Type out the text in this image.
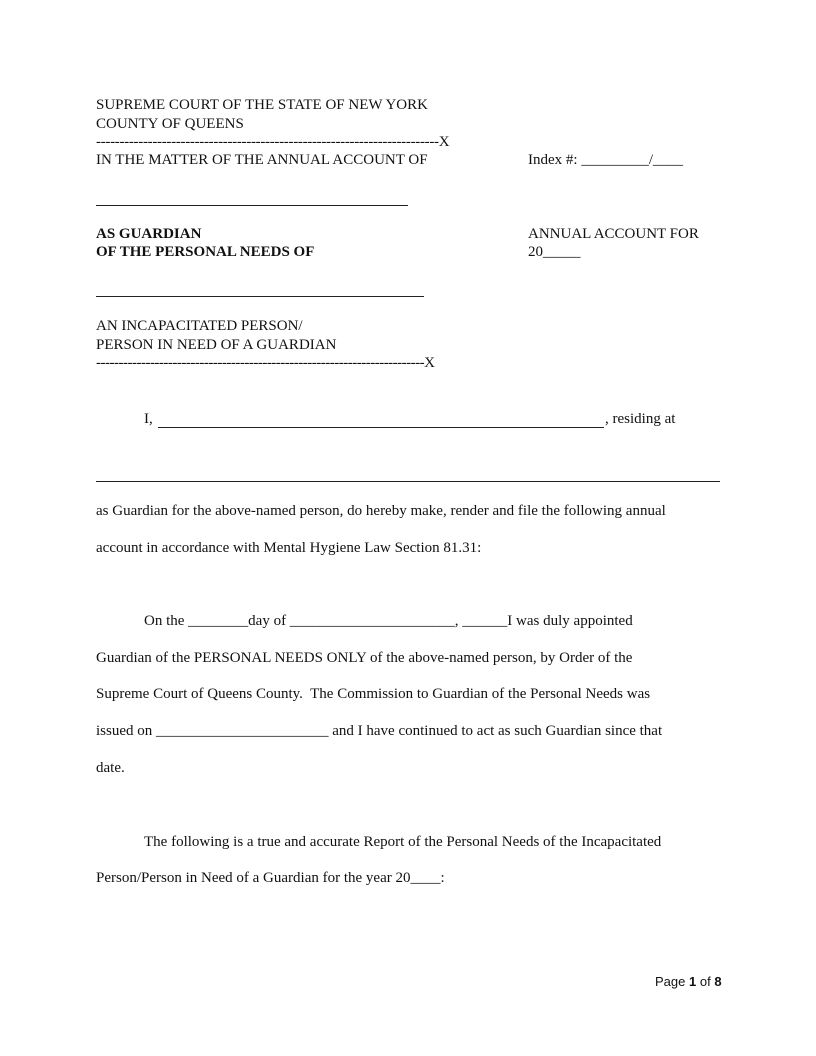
SUPREME COURT OF THE STATE OF NEW YORK
COUNTY OF QUEENS
-------------------------------------------------------------------------X
IN THE MATTER OF THE ANNUAL ACCOUNT OF	Index #: _________/____
AS GUARDIAN
OF THE PERSONAL NEEDS OF
ANNUAL ACCOUNT FOR
20_____
AN INCAPACITATED PERSON/
PERSON IN NEED OF A GUARDIAN
-------------------------------------------------------------------------X
I,	, residing at
as Guardian for the above-named person, do hereby make, render and file the following annual
account in accordance with Mental Hygiene Law Section 81.31:
On the ________day of ______________________, ______I was duly appointed
Guardian of the PERSONAL NEEDS ONLY of the above-named person, by Order of the
Supreme Court of Queens County.  The Commission to Guardian of the Personal Needs was
issued on _______________________ and I have continued to act as such Guardian since that
date.
The following is a true and accurate Report of the Personal Needs of the Incapacitated
Person/Person in Need of a Guardian for the year 20____:
Page 1 of 8
